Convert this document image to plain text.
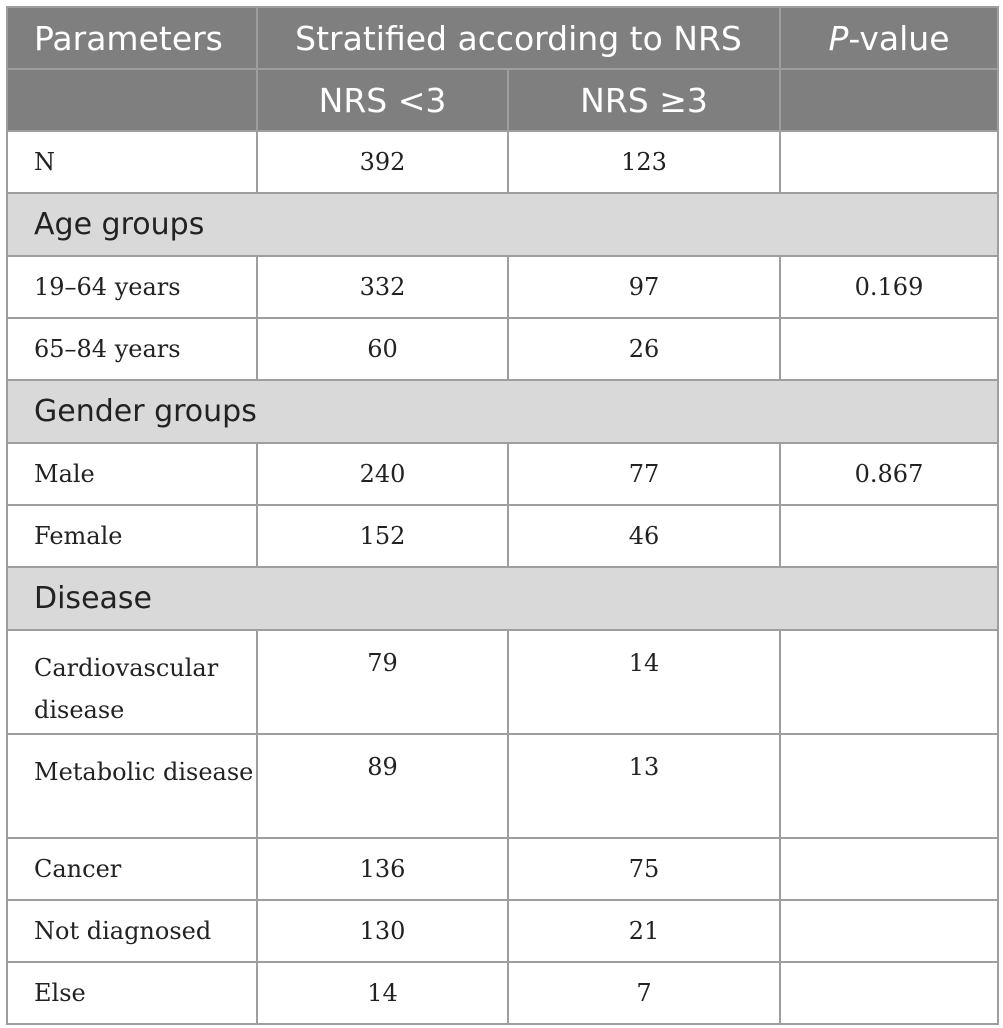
Parameters	Stratified according to NRS		P-value
	NRS <3	NRS ≥3	
N	392	123	
Age groups			
19–64 years	332	97	0.169
65–84 years	60	26	
Gender groups			
Male	240	77	0.867
Female	152	46	
Disease			
Cardiovascular disease	79	14	
Metabolic disease	89	13	
Cancer	136	75	
Not diagnosed	130	21	
Else	14	7	
